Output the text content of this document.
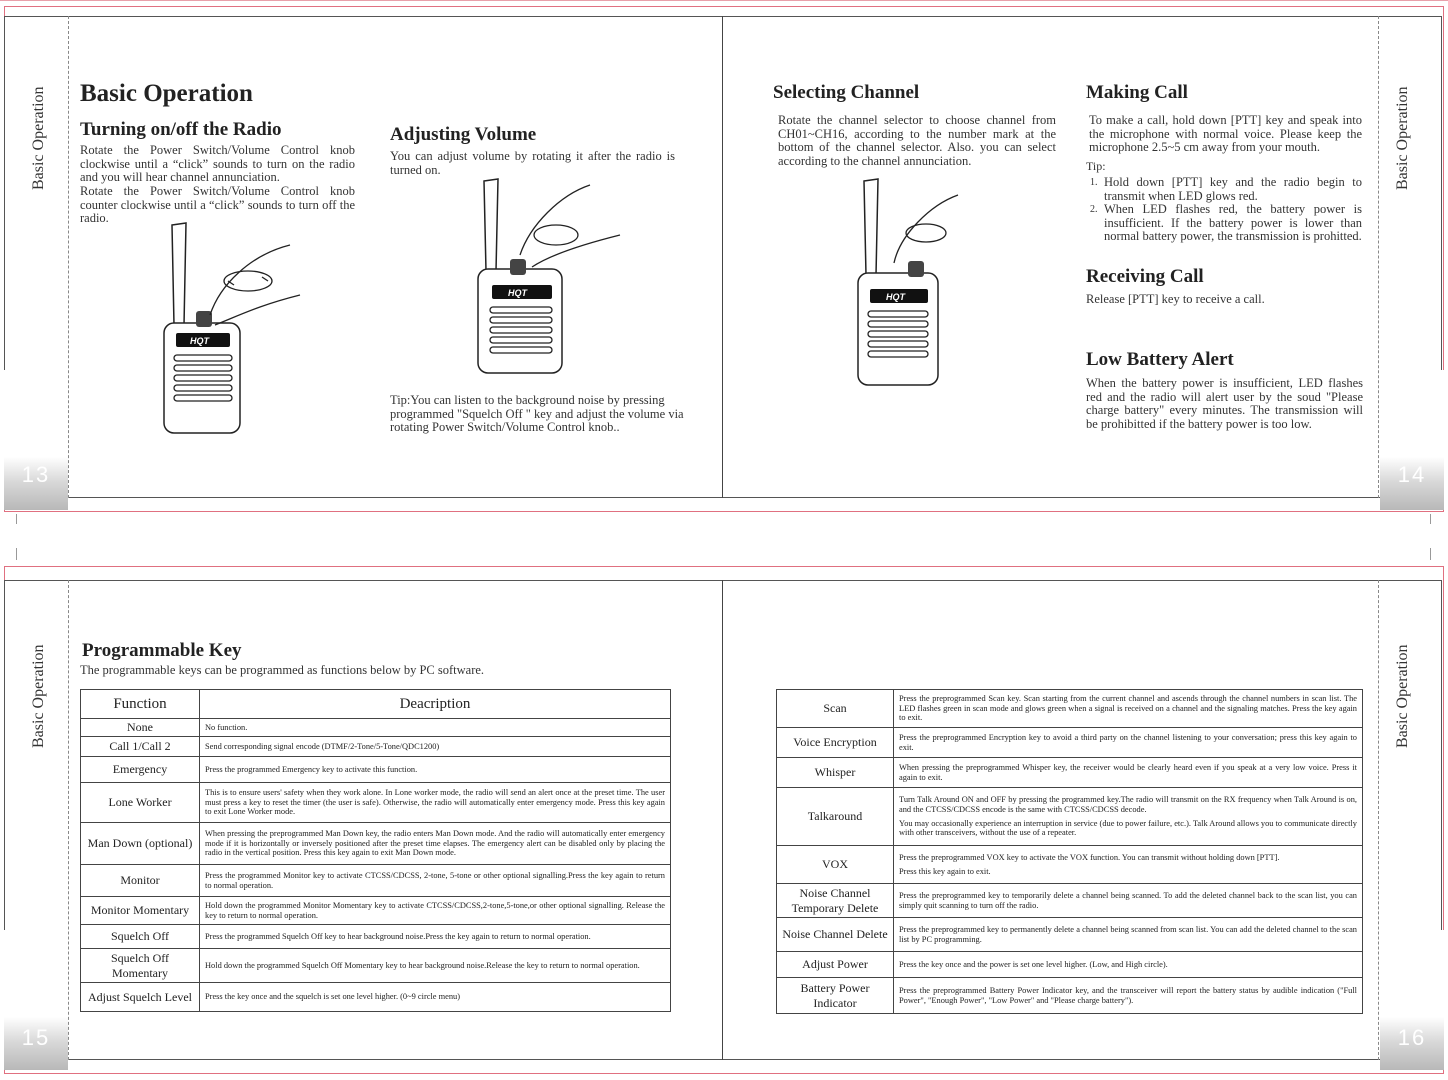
13	14
Basic Operation	Basic Operation
Basic Operation
Turning on/off the Radio
Rotate the Power Switch/Volume Control knob clockwise until a “click” sounds to turn on the radio and you will hear channel annunciation.
Rotate the Power Switch/Volume Control knob counter clockwise until a “click” sounds to turn off the radio.
HQT
Adjusting Volume
You can adjust volume by rotating it after the radio is turned on.
HQT
Tip:You can listen to the background noise by pressing programmed "Squelch Off " key and adjust the volume via rotating Power Switch/Volume Control knob..
Selecting Channel
Rotate the channel selector to choose channel from CH01~CH16, according to the number mark at the bottom of the channel selector. Also. you can select according to the channel annunciation.
HQT
Making Call
To make a call, hold down [PTT] key and speak into the microphone with normal voice. Please keep the microphone 2.5~5 cm away from your mouth.
Tip:
1. Hold down [PTT] key and the radio begin to transmit when LED glows red.
2. When LED flashes red, the battery power is insufficient. If the battery power is lower than normal battery power, the transmission is prohitted.
Receiving Call
Release [PTT] key to receive a call.
Low Battery Alert
When the battery power is insufficient, LED flashes red and the radio will alert user by the soud "Please charge battery" every minutes. The transmission will be prohibitted if the battery power is too low.
15	16
Basic Operation	Basic Operation
Programmable Key
The programmable keys can be programmed as functions below by PC software.
Function	Deacription
None	No function.
Call 1/Call 2	Send corresponding signal encode (DTMF/2-Tone/5-Tone/QDC1200)
Emergency	Press the programmed Emergency key to activate this function.
Lone Worker	This is to ensure users' safety when they work alone. In Lone worker mode, the radio will send an alert once at the preset time. The user must press a key to reset the timer (the user is safe). Otherwise, the radio will automatically enter emergency mode. Press this key again to exit Lone Worker mode.
Man Down (optional)	When pressing the preprogrammed Man Down key, the radio enters Man Down mode. And the radio will automatically enter emergency mode if it is horizontally or inversely positioned after the preset time elapses. The emergency alert can be disabled only by placing the radio in the vertical position. Press this key again to exit Man Down mode.
Monitor	Press the programmed Monitor key to activate CTCSS/CDCSS, 2-tone, 5-tone or other optional signalling.Press the key again to return to normal operation.
Monitor Momentary	Hold down the programmed Monitor Momentary key to activate CTCSS/CDCSS,2-tone,5-tone,or other optional signalling. Release the key to return to normal operation.
Squelch Off	Press the programmed Squelch Off key to hear background noise.Press the key again to return to normal operation.
Squelch Off Momentary	Hold down the programmed Squelch Off Momentary key to hear background noise.Release the key to return to normal operation.
Adjust Squelch Level	Press the key once and the squelch is set one level higher. (0~9 circle menu)
Scan	Press the preprogrammed Scan key. Scan starting from the current channel and ascends through the channel numbers in scan list. The LED flashes green in scan mode and glows green when a signal is received on a channel and the signaling matches. Press the key again to exit.
Voice Encryption	Press the preprogrammed Encryption key to avoid a third party on the channel listening to your conversation; press this key again to exit.
Whisper	When pressing the preprogrammed Whisper key, the receiver would be clearly heard even if you speak at a very low voice. Press it again to exit.
Talkaround	Turn Talk Around ON and OFF by pressing the programmed key.The radio will transmit on the RX frequency when Talk Around is on, and the CTCSS/CDCSS encode is the same with CTCSS/CDCSS decode.
You may occasionally experience an interruption in service (due to power failure, etc.). Talk Around allows you to communicate directly with other transceivers, without the use of a repeater.

VOX	Press the preprogrammed VOX key to activate the VOX function. You can transmit without holding down [PTT].
Press this key again to exit.

Noise Channel Temporary Delete	Press the preprogrammed key to temporarily delete a channel being scanned. To add the deleted channel back to the scan list, you can simply quit scanning to turn off the radio.
Noise Channel Delete	Press the preprogrammed key to permanently delete a channel being scanned from scan list. You can add the deleted channel to the scan list by PC programming.
Adjust Power	Press the key once and the power is set one level higher. (Low, and High circle).
Battery Power Indicator	Press the preprogrammed Battery Power Indicator key, and the transceiver will report the battery status by audible indication ("Full Power", "Enough Power", "Low Power" and "Please charge battery").
